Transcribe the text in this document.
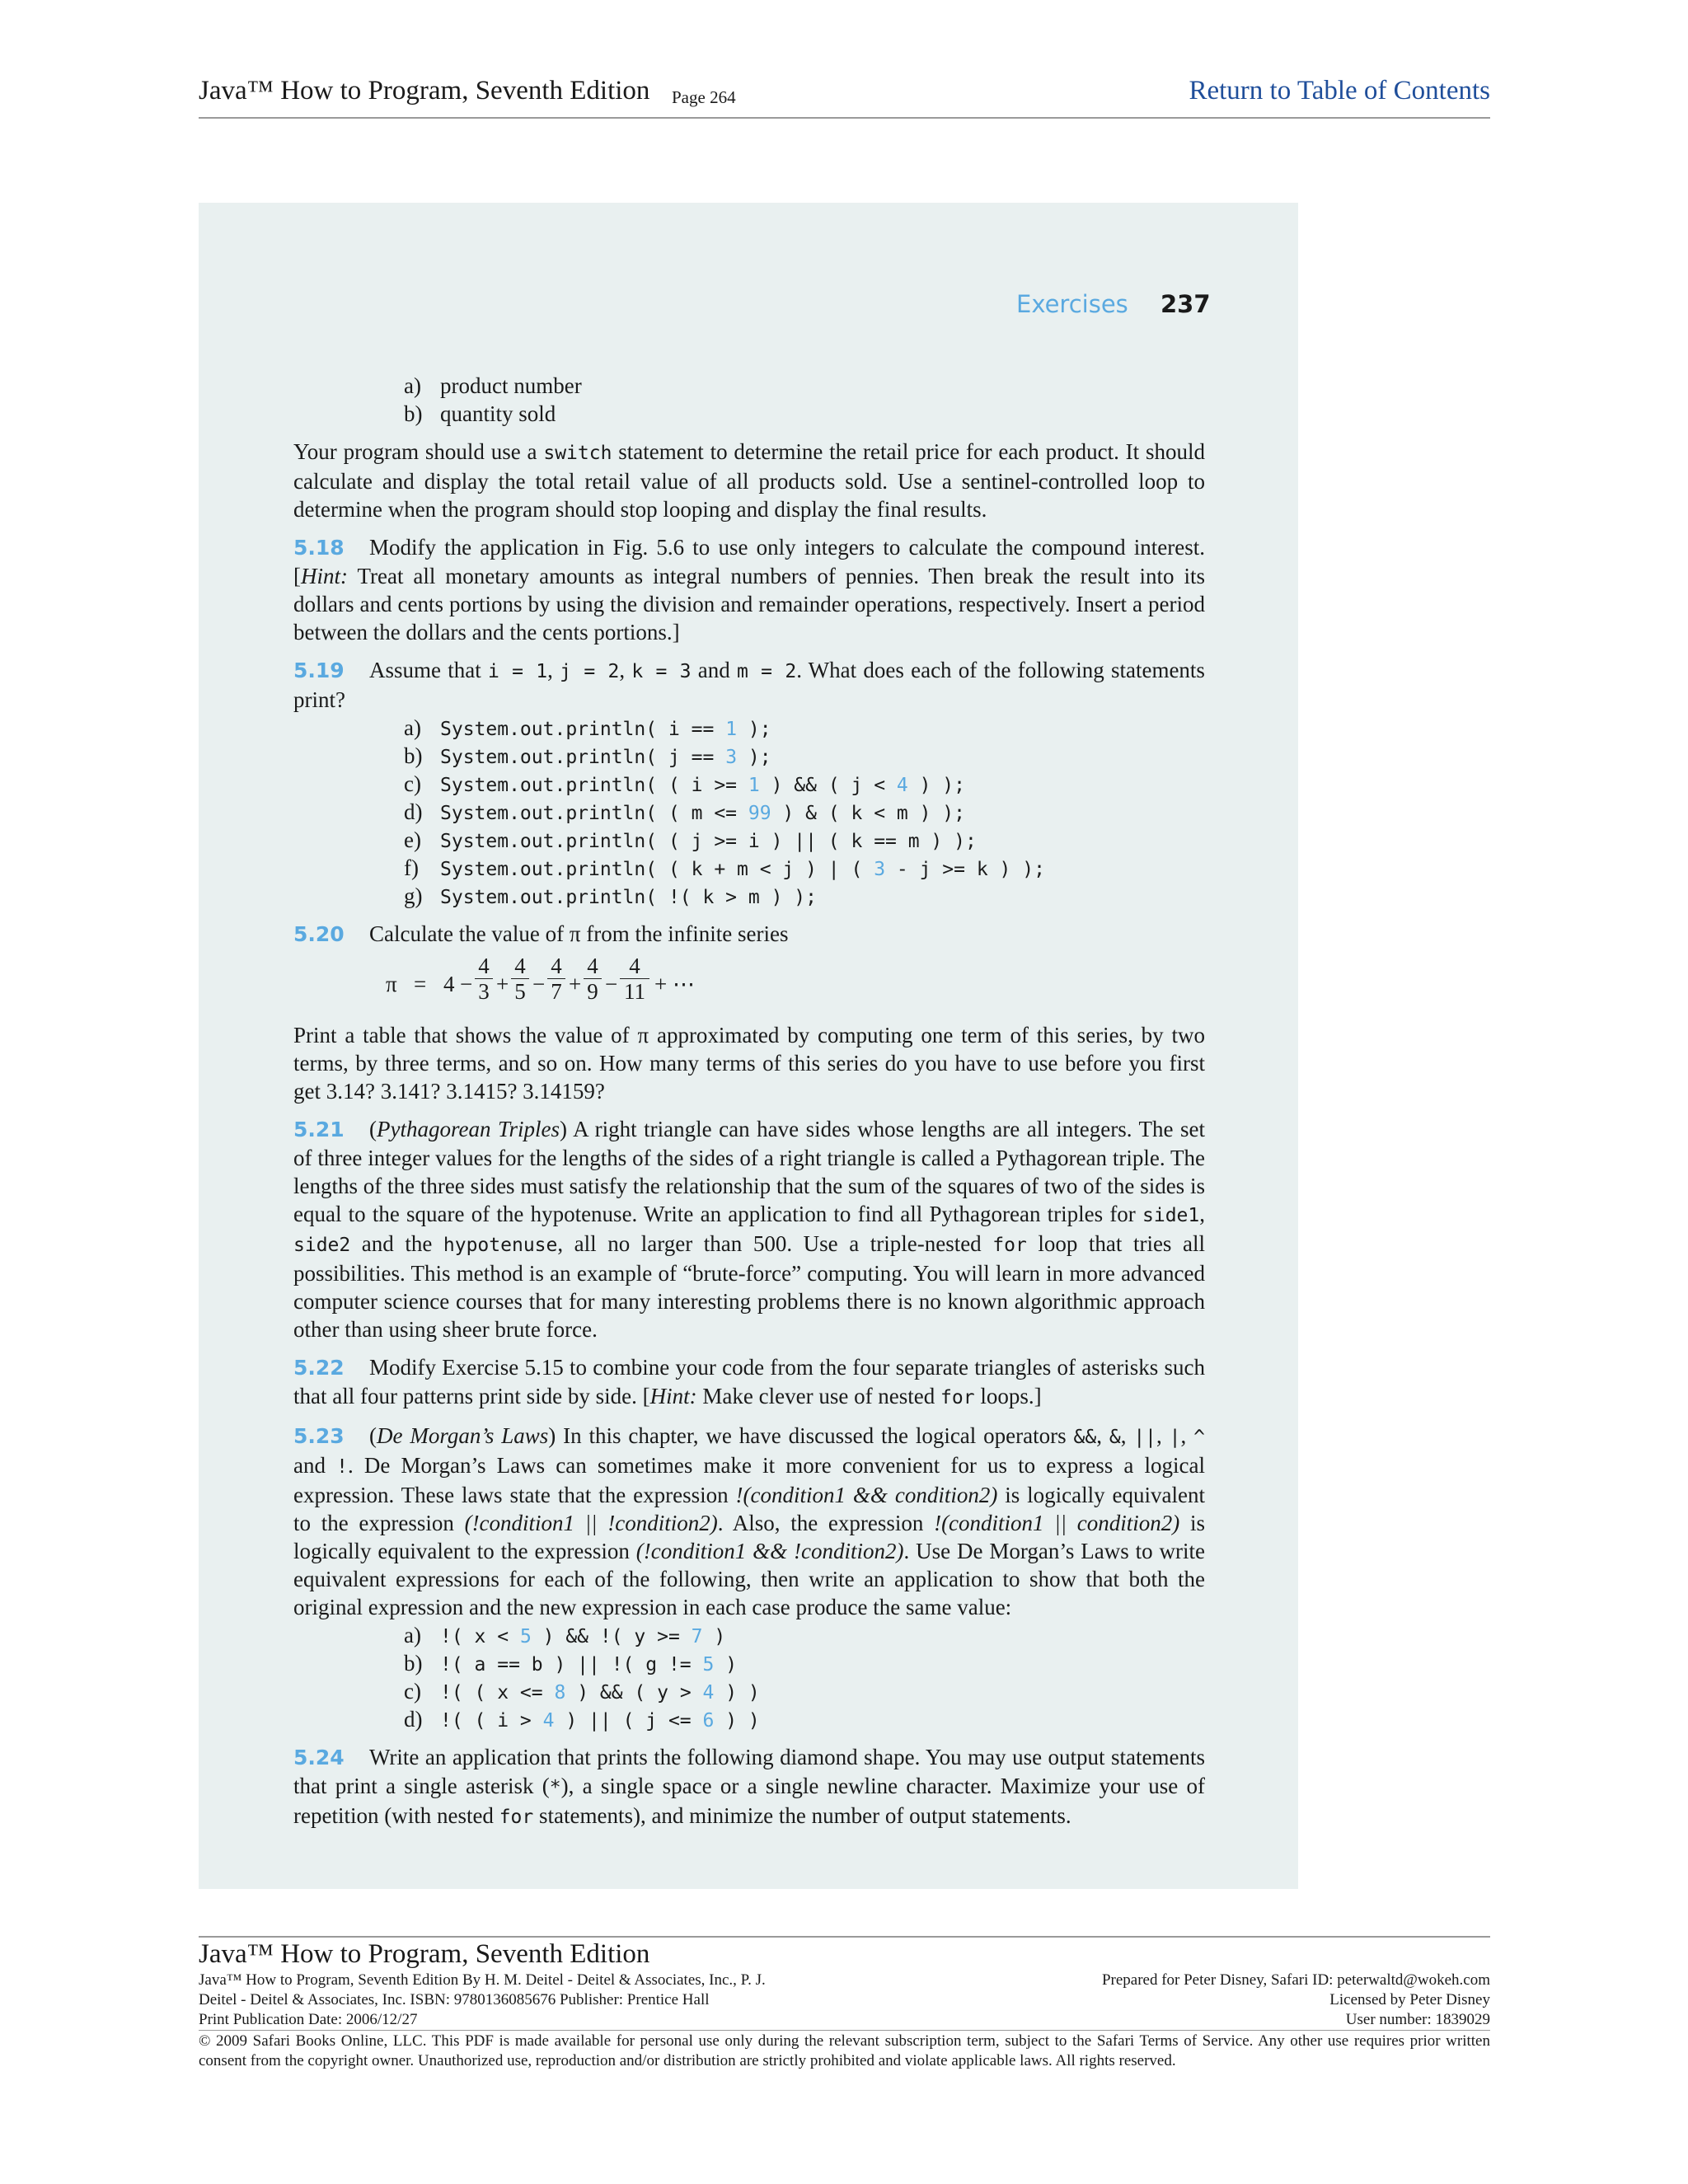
Java™ How to Program, Seventh Edition Page 264	Return to Table of Contents
Exercises 237
a) product number
b) quantity sold

Your program should use a switch statement to determine the retail price for each product. It should calculate and display the total retail value of all products sold. Use a sentinel-controlled loop to determine when the program should stop looping and display the final results.

5.18 Modify the application in Fig. 5.6 to use only integers to calculate the compound interest. [Hint: Treat all monetary amounts as integral numbers of pennies. Then break the result into its dollars and cents portions by using the division and remainder operations, respectively. Insert a period between the dollars and the cents portions.]

5.19 Assume that i = 1, j = 2, k = 3 and m = 2. What does each of the following statements print?

a) System.out.println( i == 1 );
b) System.out.println( j == 3 );
c) System.out.println( ( i >= 1 ) && ( j < 4 ) );
d) System.out.println( ( m <= 99 ) & ( k < m ) );
e) System.out.println( ( j >= i ) || ( k == m ) );
f) System.out.println( ( k + m < j ) | ( 3 - j >= k ) );
g) System.out.println( !( k > m ) );

5.20 Calculate the value of π from the infinite series

$\pi = 4 - \frac{4}{3} + \frac{4}{5} - \frac{4}{7} + \frac{4}{9} - \frac{4}{11}$ + ⋯

Print a table that shows the value of π approximated by computing one term of this series, by two terms, by three terms, and so on. How many terms of this series do you have to use before you first get 3.14? 3.141? 3.1415? 3.14159?

5.21 (Pythagorean Triples) A right triangle can have sides whose lengths are all integers. The set of three integer values for the lengths of the sides of a right triangle is called a Pythagorean triple. The lengths of the three sides must satisfy the relationship that the sum of the squares of two of the sides is equal to the square of the hypotenuse. Write an application to find all Pythagorean triples for side1, side2 and the hypotenuse, all no larger than 500. Use a triple-nested for loop that tries all possibilities. This method is an example of “brute-force” computing. You will learn in more advanced computer science courses that for many interesting problems there is no known algorithmic approach other than using sheer brute force.

5.22 Modify Exercise 5.15 to combine your code from the four separate triangles of asterisks such that all four patterns print side by side. [Hint: Make clever use of nested for loops.]

5.23 (De Morgan’s Laws) In this chapter, we have discussed the logical operators &&, &, ||, |, ^ and !. De Morgan’s Laws can sometimes make it more convenient for us to express a logical expression. These laws state that the expression !(condition1 && condition2) is logically equivalent to the expression (!condition1 || !condition2). Also, the expression !(condition1 || condition2) is logically equivalent to the expression (!condition1 && !condition2). Use De Morgan’s Laws to write equivalent expressions for each of the following, then write an application to show that both the original expression and the new expression in each case produce the same value:

a) !( x < 5 ) && !( y >= 7 )
b) !( a == b ) || !( g != 5 )
c) !( ( x <= 8 ) && ( y > 4 ) )
d) !( ( i > 4 ) || ( j <= 6 ) )

5.24 Write an application that prints the following diamond shape. You may use output statements that print a single asterisk (*), a single space or a single newline character. Maximize your use of repetition (with nested for statements), and minimize the number of output statements.

Java™ How to Program, Seventh Edition
Java™ How to Program, Seventh Edition By H. M. Deitel - Deitel & Associates, Inc., P. J.
Deitel - Deitel & Associates, Inc. ISBN: 9780136085676 Publisher: Prentice Hall
Print Publication Date: 2006/12/27
Prepared for Peter Disney, Safari ID: peterwaltd@wokeh.com
Licensed by Peter Disney
User number: 1839029
© 2009 Safari Books Online, LLC. This PDF is made available for personal use only during the relevant subscription term, subject to the Safari Terms of Service. Any other use requires prior written consent from the copyright owner. Unauthorized use, reproduction and/or distribution are strictly prohibited and violate applicable laws. All rights reserved.
